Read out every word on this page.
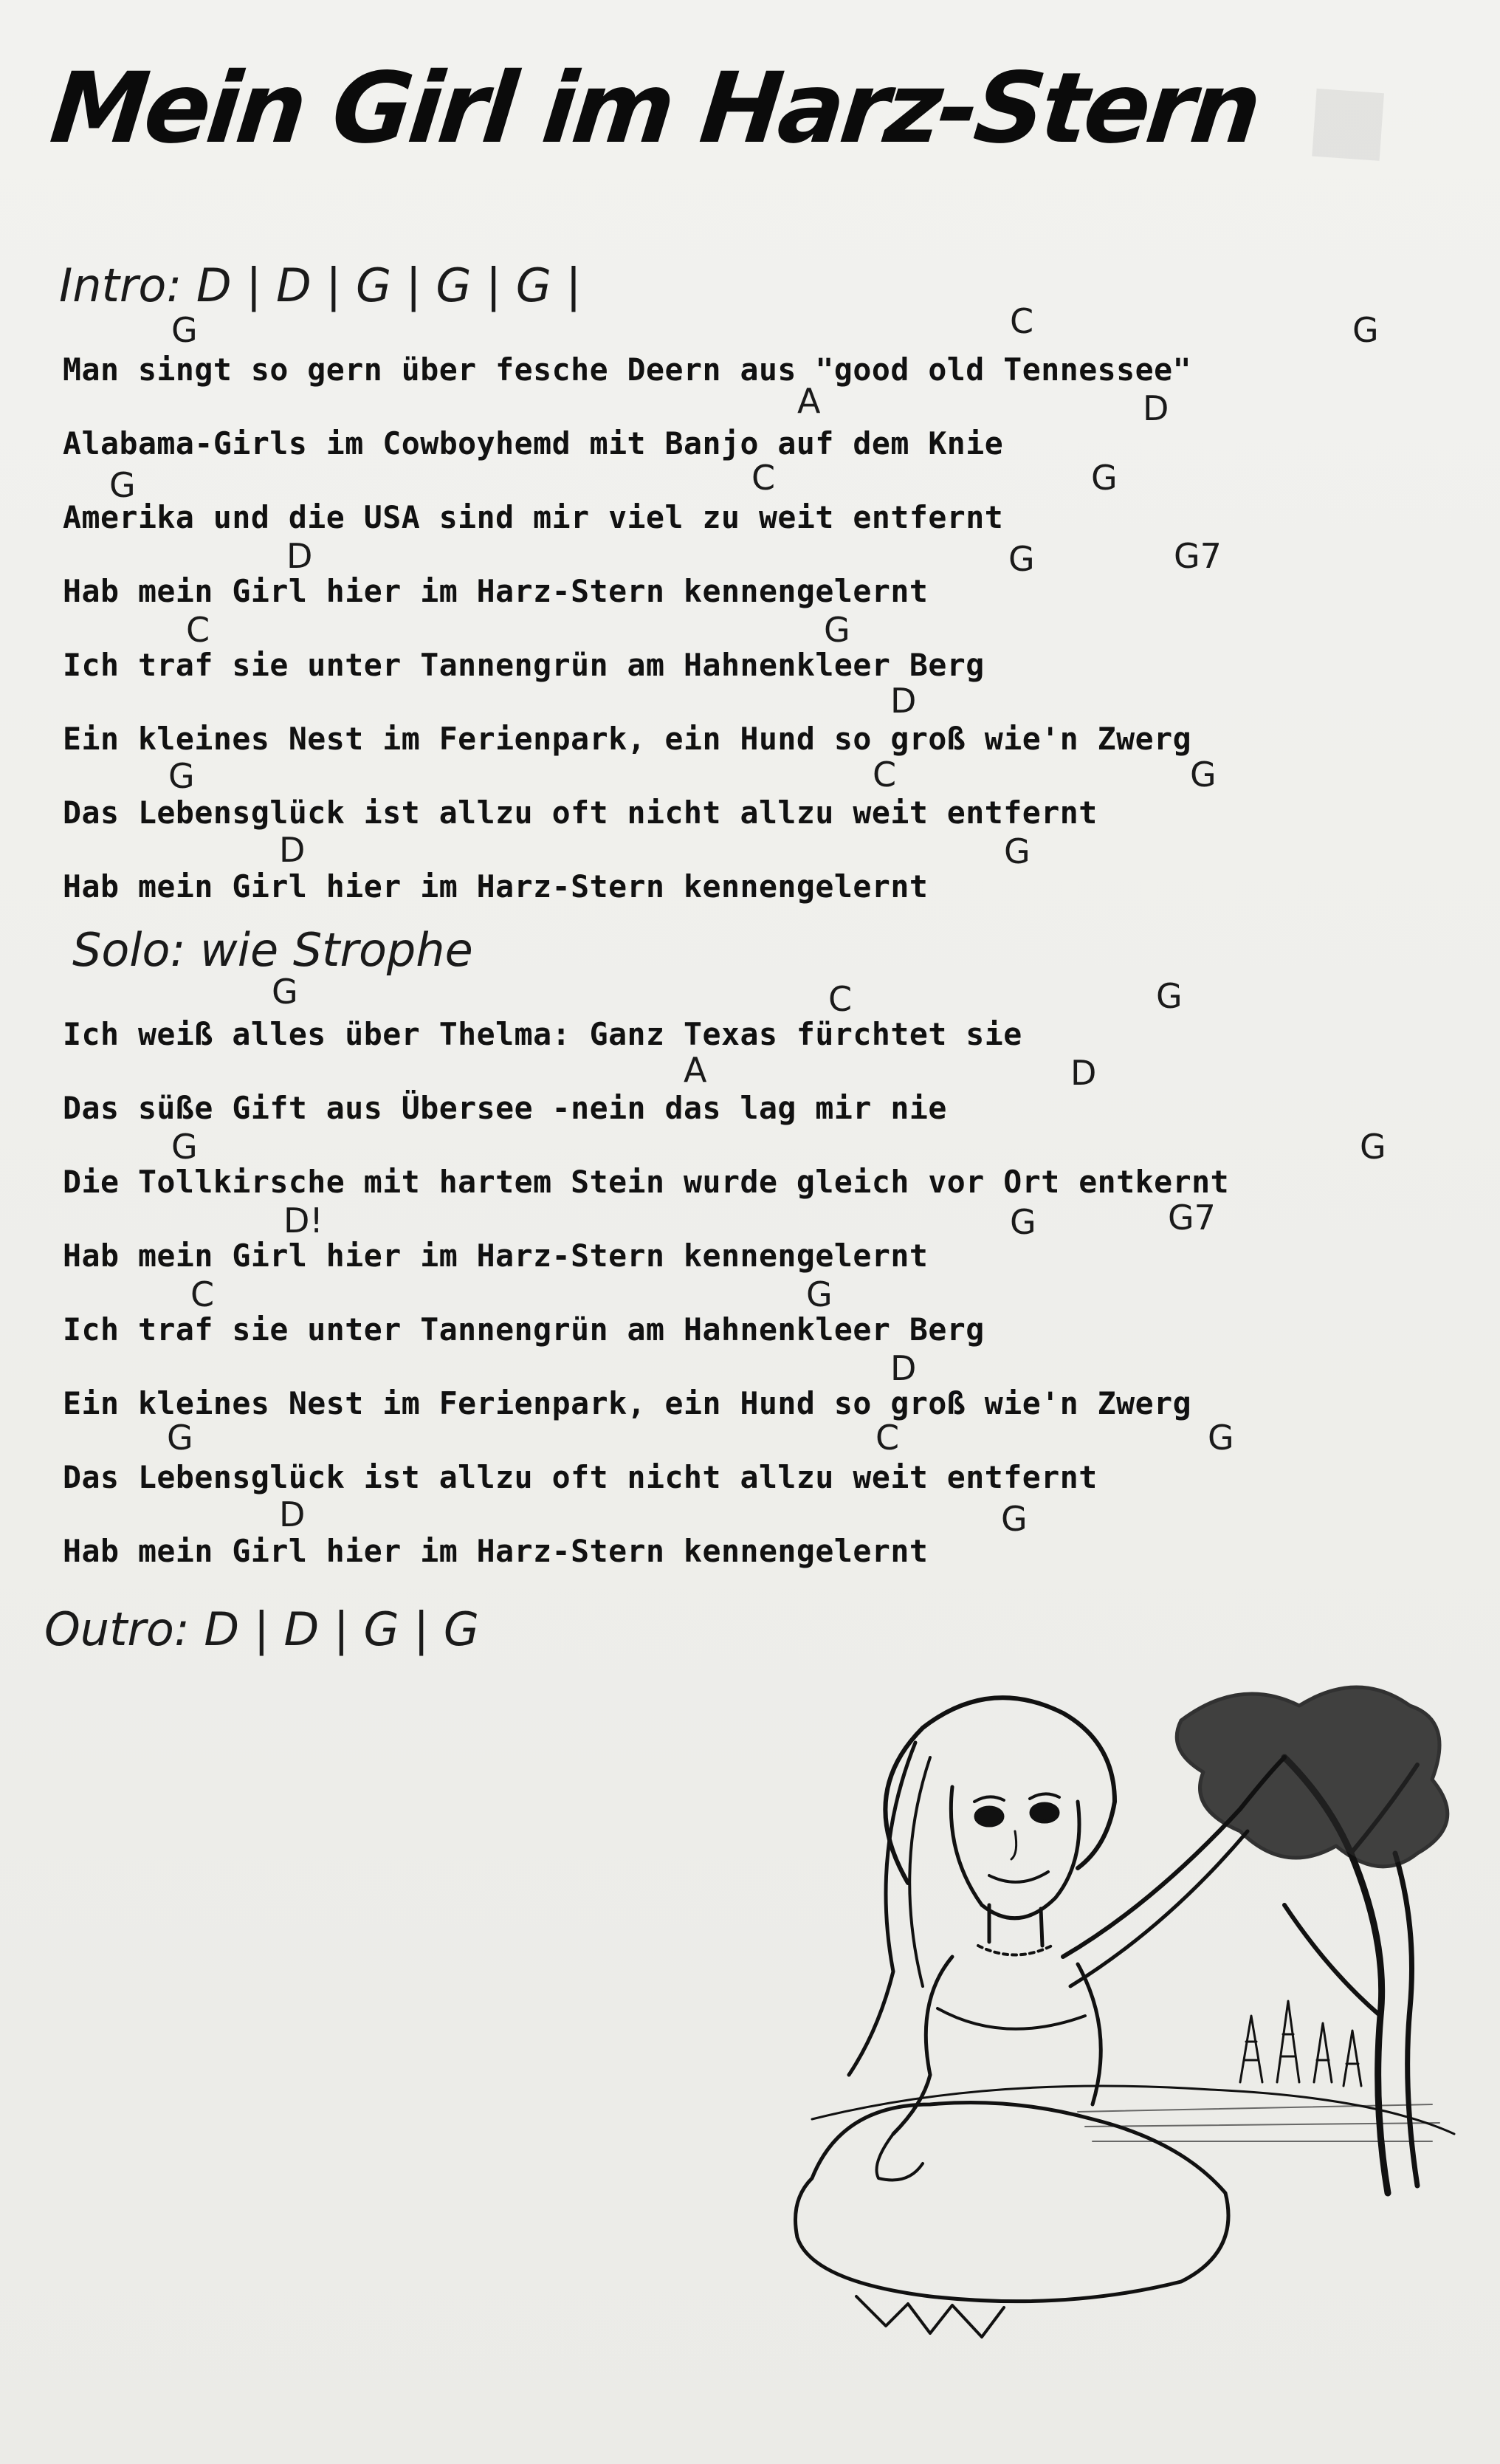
■
Mein Girl im Harz-Stern
Intro: D | D | G | G | G |
G	C	G
Man singt so gern über fesche Deern aus "good old Tennessee"
A	D
Alabama-Girls im Cowboyhemd mit Banjo auf dem Knie
G	C	G
Amerika und die USA sind mir viel zu weit entfernt
D	G	G7
Hab mein Girl hier im Harz-Stern kennengelernt
C	G
Ich traf sie unter Tannengrün am Hahnenkleer Berg
D
Ein kleines Nest im Ferienpark, ein Hund so groß wie'n Zwerg
G	C	G
Das Lebensglück ist allzu oft nicht allzu weit entfernt
D	G
Hab mein Girl hier im Harz-Stern kennengelernt
Solo: wie Strophe
G	C	G
Ich weiß alles über Thelma: Ganz Texas fürchtet sie
A	D
Das süße Gift aus Übersee -nein das lag mir nie
G	G
Die Tollkirsche mit hartem Stein wurde gleich vor Ort entkernt
D!	G	G7
Hab mein Girl hier im Harz-Stern kennengelernt
C	G
Ich traf sie unter Tannengrün am Hahnenkleer Berg
D
Ein kleines Nest im Ferienpark, ein Hund so groß wie'n Zwerg
G	C	G
Das Lebensglück ist allzu oft nicht allzu weit entfernt
D	G
Hab mein Girl hier im Harz-Stern kennengelernt
Outro: D | D | G | G
